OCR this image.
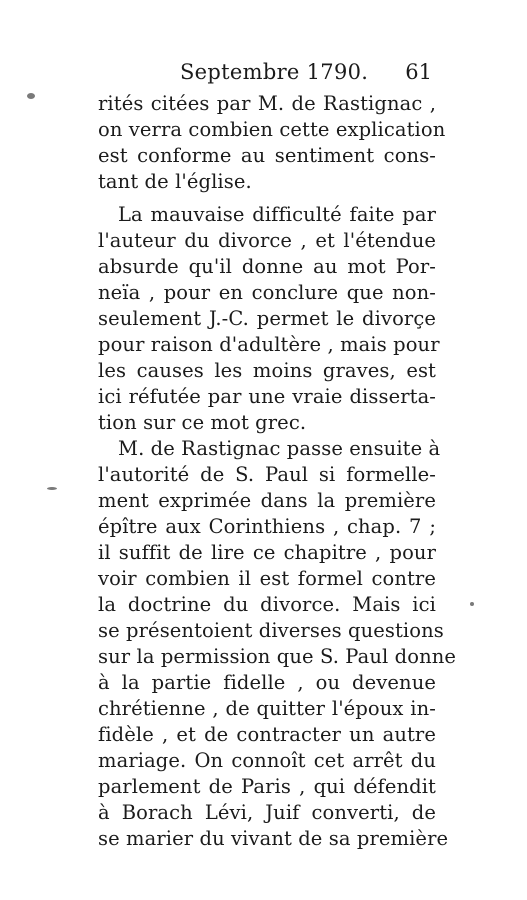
Septembre 1790. 61
rités citées par M. de Rastignac ,
on verra combien cette explication
est conforme au sentiment cons-
tant de l'église.
La mauvaise difficulté faite par
l'auteur du divorce , et l'étendue
absurde qu'il donne au mot Por-
neïa , pour en conclure que non-
seulement J.-C. permet le divorçe
pour raison d'adultère , mais pour
les causes les moins graves, est
ici réfutée par une vraie disserta-
tion sur ce mot grec.
M. de Rastignac passe ensuite à
l'autorité de S. Paul si formelle-
ment exprimée dans la première
épître aux Corinthiens , chap. 7 ;
il suffit de lire ce chapitre , pour
voir combien il est formel contre
la doctrine du divorce. Mais ici
se présentoient diverses questions
sur la permission que S. Paul donne
à la partie fidelle , ou devenue
chrétienne , de quitter l'époux in-
fidèle , et de contracter un autre
mariage. On connoît cet arrêt du
parlement de Paris , qui défendit
à Borach Lévi, Juif converti, de
se marier du vivant de sa première
